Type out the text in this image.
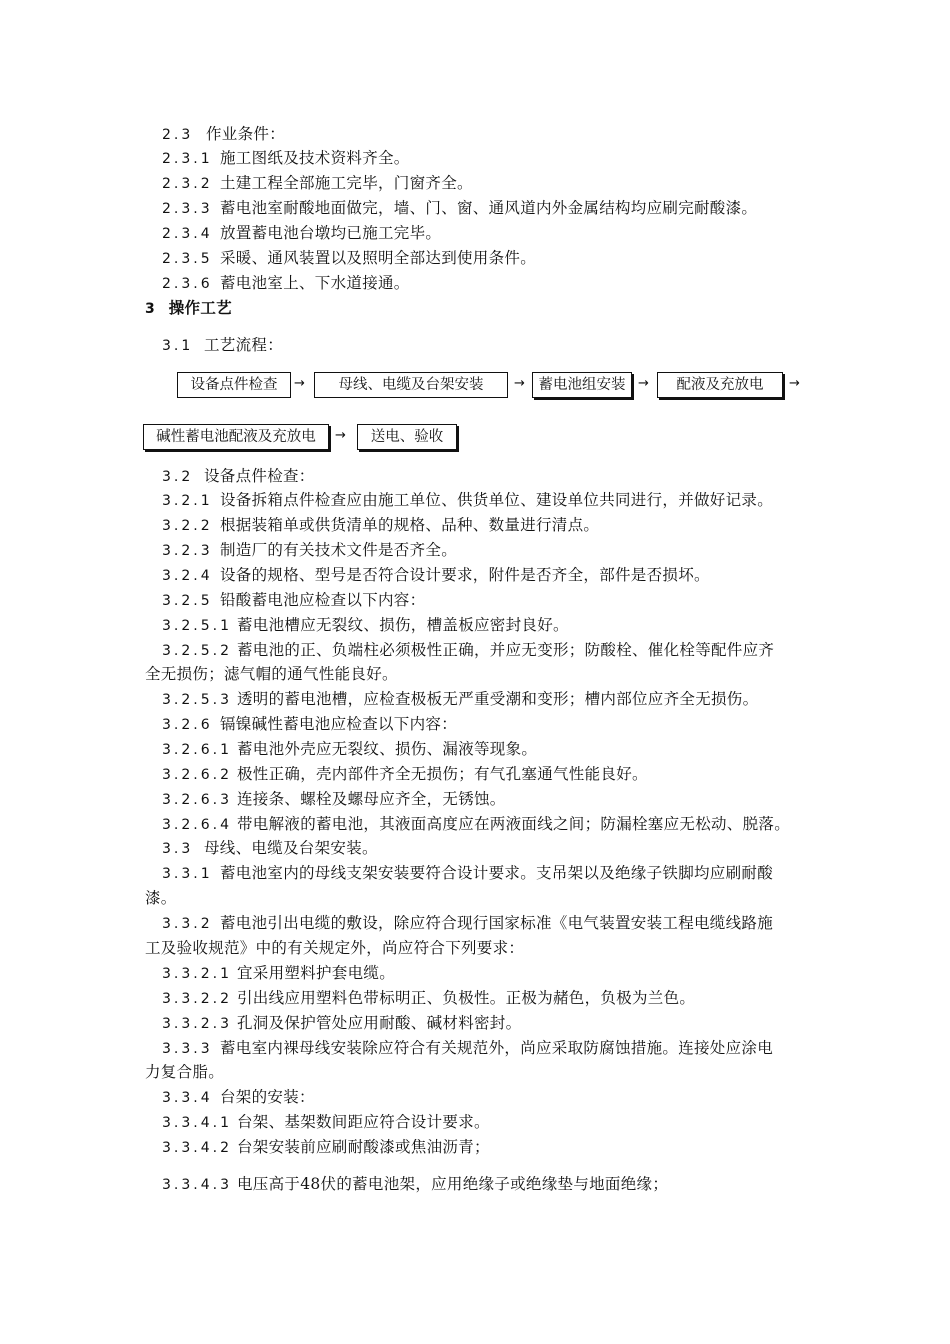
2.3 作业条件：
2.3.1 施工图纸及技术资料齐全。
2.3.2 土建工程全部施工完毕，门窗齐全。
2.3.3 蓄电池室耐酸地面做完，墙、门、窗、通风道内外金属结构均应刷完耐酸漆。
2.3.4 放置蓄电池台墩均已施工完毕。
2.3.5 采暖、通风装置以及照明全部达到使用条件。
2.3.6 蓄电池室上、下水道接通。
3 操作工艺
3.1 工艺流程：
设备点件检查	→	母线、电缆及台架安装	→ 蓄电池组安装 →	配液及充放电	→
碱性蓄电池配液及充放电	→	送电、验收
3.2 设备点件检查：
3.2.1 设备拆箱点件检查应由施工单位、供货单位、建设单位共同进行，并做好记录。
3.2.2 根据装箱单或供货清单的规格、品种、数量进行清点。
3.2.3 制造厂的有关技术文件是否齐全。
3.2.4 设备的规格、型号是否符合设计要求，附件是否齐全，部件是否损坏。
3.2.5 铅酸蓄电池应检查以下内容：
3.2.5.1 蓄电池槽应无裂纹、损伤，槽盖板应密封良好。
3.2.5.2 蓄电池的正、负端柱必须极性正确，并应无变形；防酸栓、催化栓等配件应齐
全无损伤；滤气帽的通气性能良好。
3.2.5.3 透明的蓄电池槽，应检查极板无严重受潮和变形；槽内部位应齐全无损伤。
3.2.6 镉镍碱性蓄电池应检查以下内容：
3.2.6.1 蓄电池外壳应无裂纹、损伤、漏液等现象。
3.2.6.2 极性正确，壳内部件齐全无损伤；有气孔塞通气性能良好。
3.2.6.3 连接条、螺栓及螺母应齐全，无锈蚀。
3.2.6.4 带电解液的蓄电池，其液面高度应在两液面线之间；防漏栓塞应无松动、脱落。
3.3 母线、电缆及台架安装。
3.3.1 蓄电池室内的母线支架安装要符合设计要求。支吊架以及绝缘子铁脚均应刷耐酸
漆。
3.3.2 蓄电池引出电缆的敷设，除应符合现行国家标准《电气装置安装工程电缆线路施
工及验收规范》中的有关规定外，尚应符合下列要求：
3.3.2.1 宜采用塑料护套电缆。
3.3.2.2 引出线应用塑料色带标明正、负极性。正极为赭色，负极为兰色。
3.3.2.3 孔洞及保护管处应用耐酸、碱材料密封。
3.3.3 蓄电室内裸母线安装除应符合有关规范外，尚应采取防腐蚀措施。连接处应涂电
力复合脂。
3.3.4 台架的安装：
3.3.4.1 台架、基架数间距应符合设计要求。
3.3.4.2 台架安装前应刷耐酸漆或焦油沥青；
3.3.4.3 电压高于48伏的蓄电池架，应用绝缘子或绝缘垫与地面绝缘；
